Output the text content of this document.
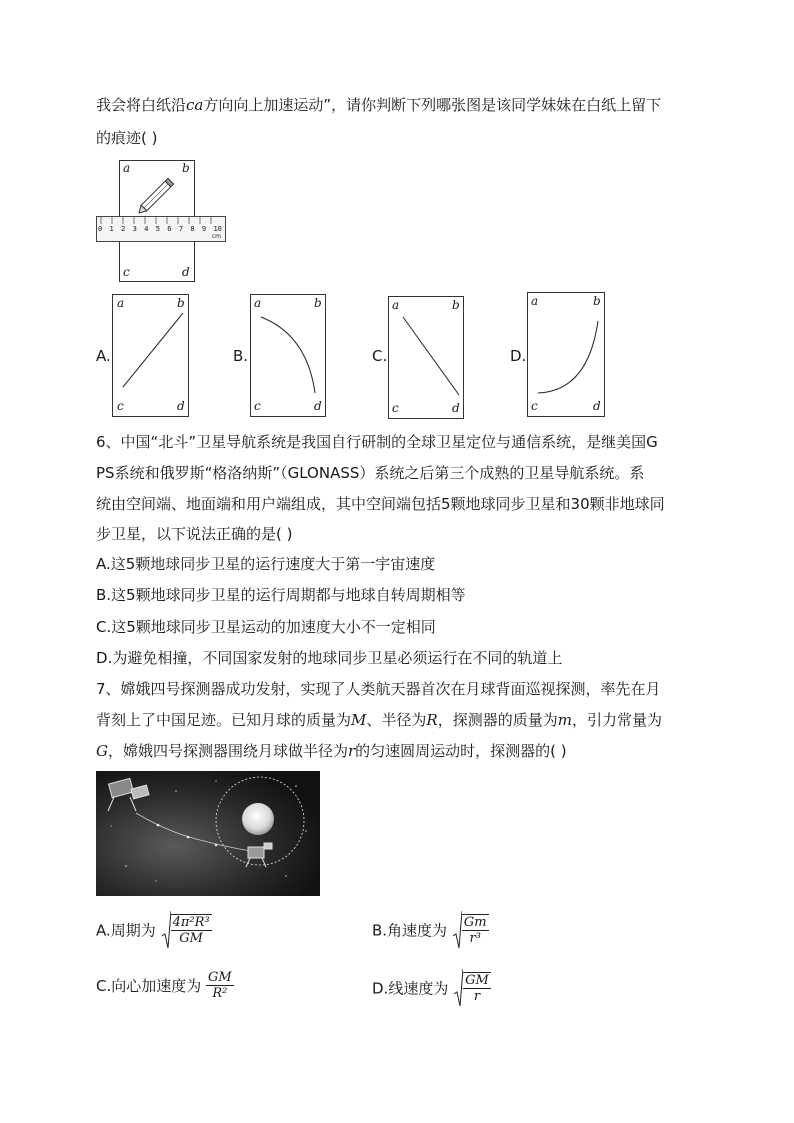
我会将白纸沿ca方向向上加速运动”，请你判断下列哪张图是该同学妹妹在白纸上留下
的痕迹( )
a	b
c	d
0 1 2 3 4 5 6 7 8 9 10
cm
A.
a	b
c	d
B.
a	b
c	d
C.
a	b
c	d
D.
a	b
c	d
6、中国“北斗”卫星导航系统是我国自行研制的全球卫星定位与通信系统，是继美国G
PS系统和俄罗斯“格洛纳斯”（GLONASS）系统之后第三个成熟的卫星导航系统。系
统由空间端、地面端和用户端组成，其中空间端包括5颗地球同步卫星和30颗非地球同
步卫星，以下说法正确的是( )
A.这5颗地球同步卫星的运行速度大于第一宇宙速度
B.这5颗地球同步卫星的运行周期都与地球自转周期相等
C.这5颗地球同步卫星运动的加速度大小不一定相同
D.为避免相撞，不同国家发射的地球同步卫星必须运行在不同的轨道上
7、嫦娥四号探测器成功发射，实现了人类航天器首次在月球背面巡视探测，率先在月
背刻上了中国足迹。已知月球的质量为M、半径为R，探测器的质量为m，引力常量为
G，嫦娥四号探测器围绕月球做半径为r的匀速圆周运动时，探测器的( )
A.周期为 $\frac{\text{4π²R³}}{GM}$	B.角速度为 $\frac{Gm}{\text{r³}}$
C.向心加速度为 $\frac{GM}{\text{R²}}$	D.线速度为 $\frac{GM}{r}$
